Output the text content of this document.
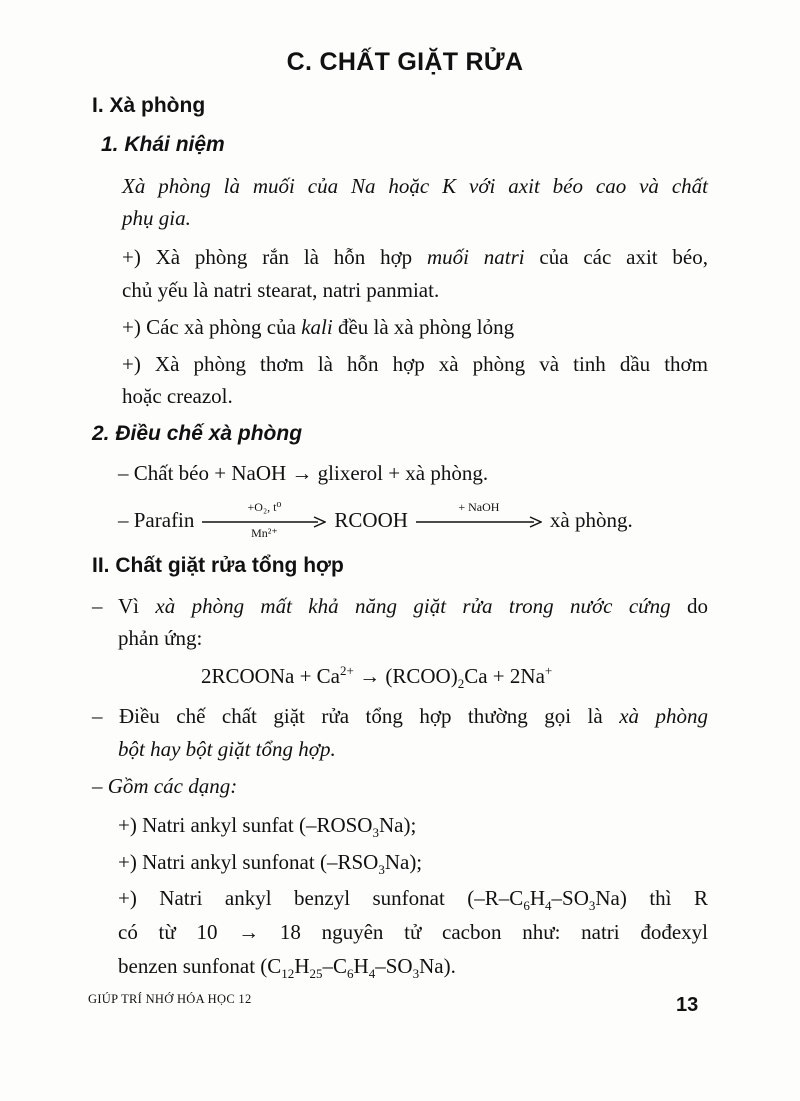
C. CHẤT GIẶT RỬA
I. Xà phòng
1. Khái niệm
Xà phòng là muối của Na hoặc K với axit béo cao và chất
phụ gia.
+) Xà phòng rắn là hỗn hợp muối natri của các axit béo,
chủ yếu là natri stearat, natri panmiat.
+) Các xà phòng của kali đều là xà phòng lỏng
+) Xà phòng thơm là hỗn hợp xà phòng và tinh dầu thơm
hoặc creazol.
2. Điều chế xà phòng
– Chất béo + NaOH → glixerol + xà phòng.
– Parafin
+O₂, t⁰
Mn²⁺
RCOOH
+ NaOH
xà phòng.
II. Chất giặt rửa tổng hợp
– Vì xà phòng mất khả năng giặt rửa trong nước cứng do
phản ứng:
2RCOONa + $Ca^{2+}$ → $(RCOO)_2Ca + 2Na^+$
– Điều chế chất giặt rửa tổng hợp thường gọi là xà phòng
bột hay bột giặt tổng hợp.
– Gồm các dạng:
+) Natri ankyl sunfat $(-ROSO_3Na)$;
+) Natri ankyl sunfonat $(-RSO_3Na)$;
+) Natri ankyl benzyl sunfonat $(-R-C_6H_4-SO_3Na)$ thì R
có từ 10 → 18 nguyên tử cacbon như: natri đođexyl
benzen sunfonat $(C_{12}H_{25}-C_6H_4-SO_3Na)$.
GIÚP TRÍ NHỚ HÓA HỌC 12	13
